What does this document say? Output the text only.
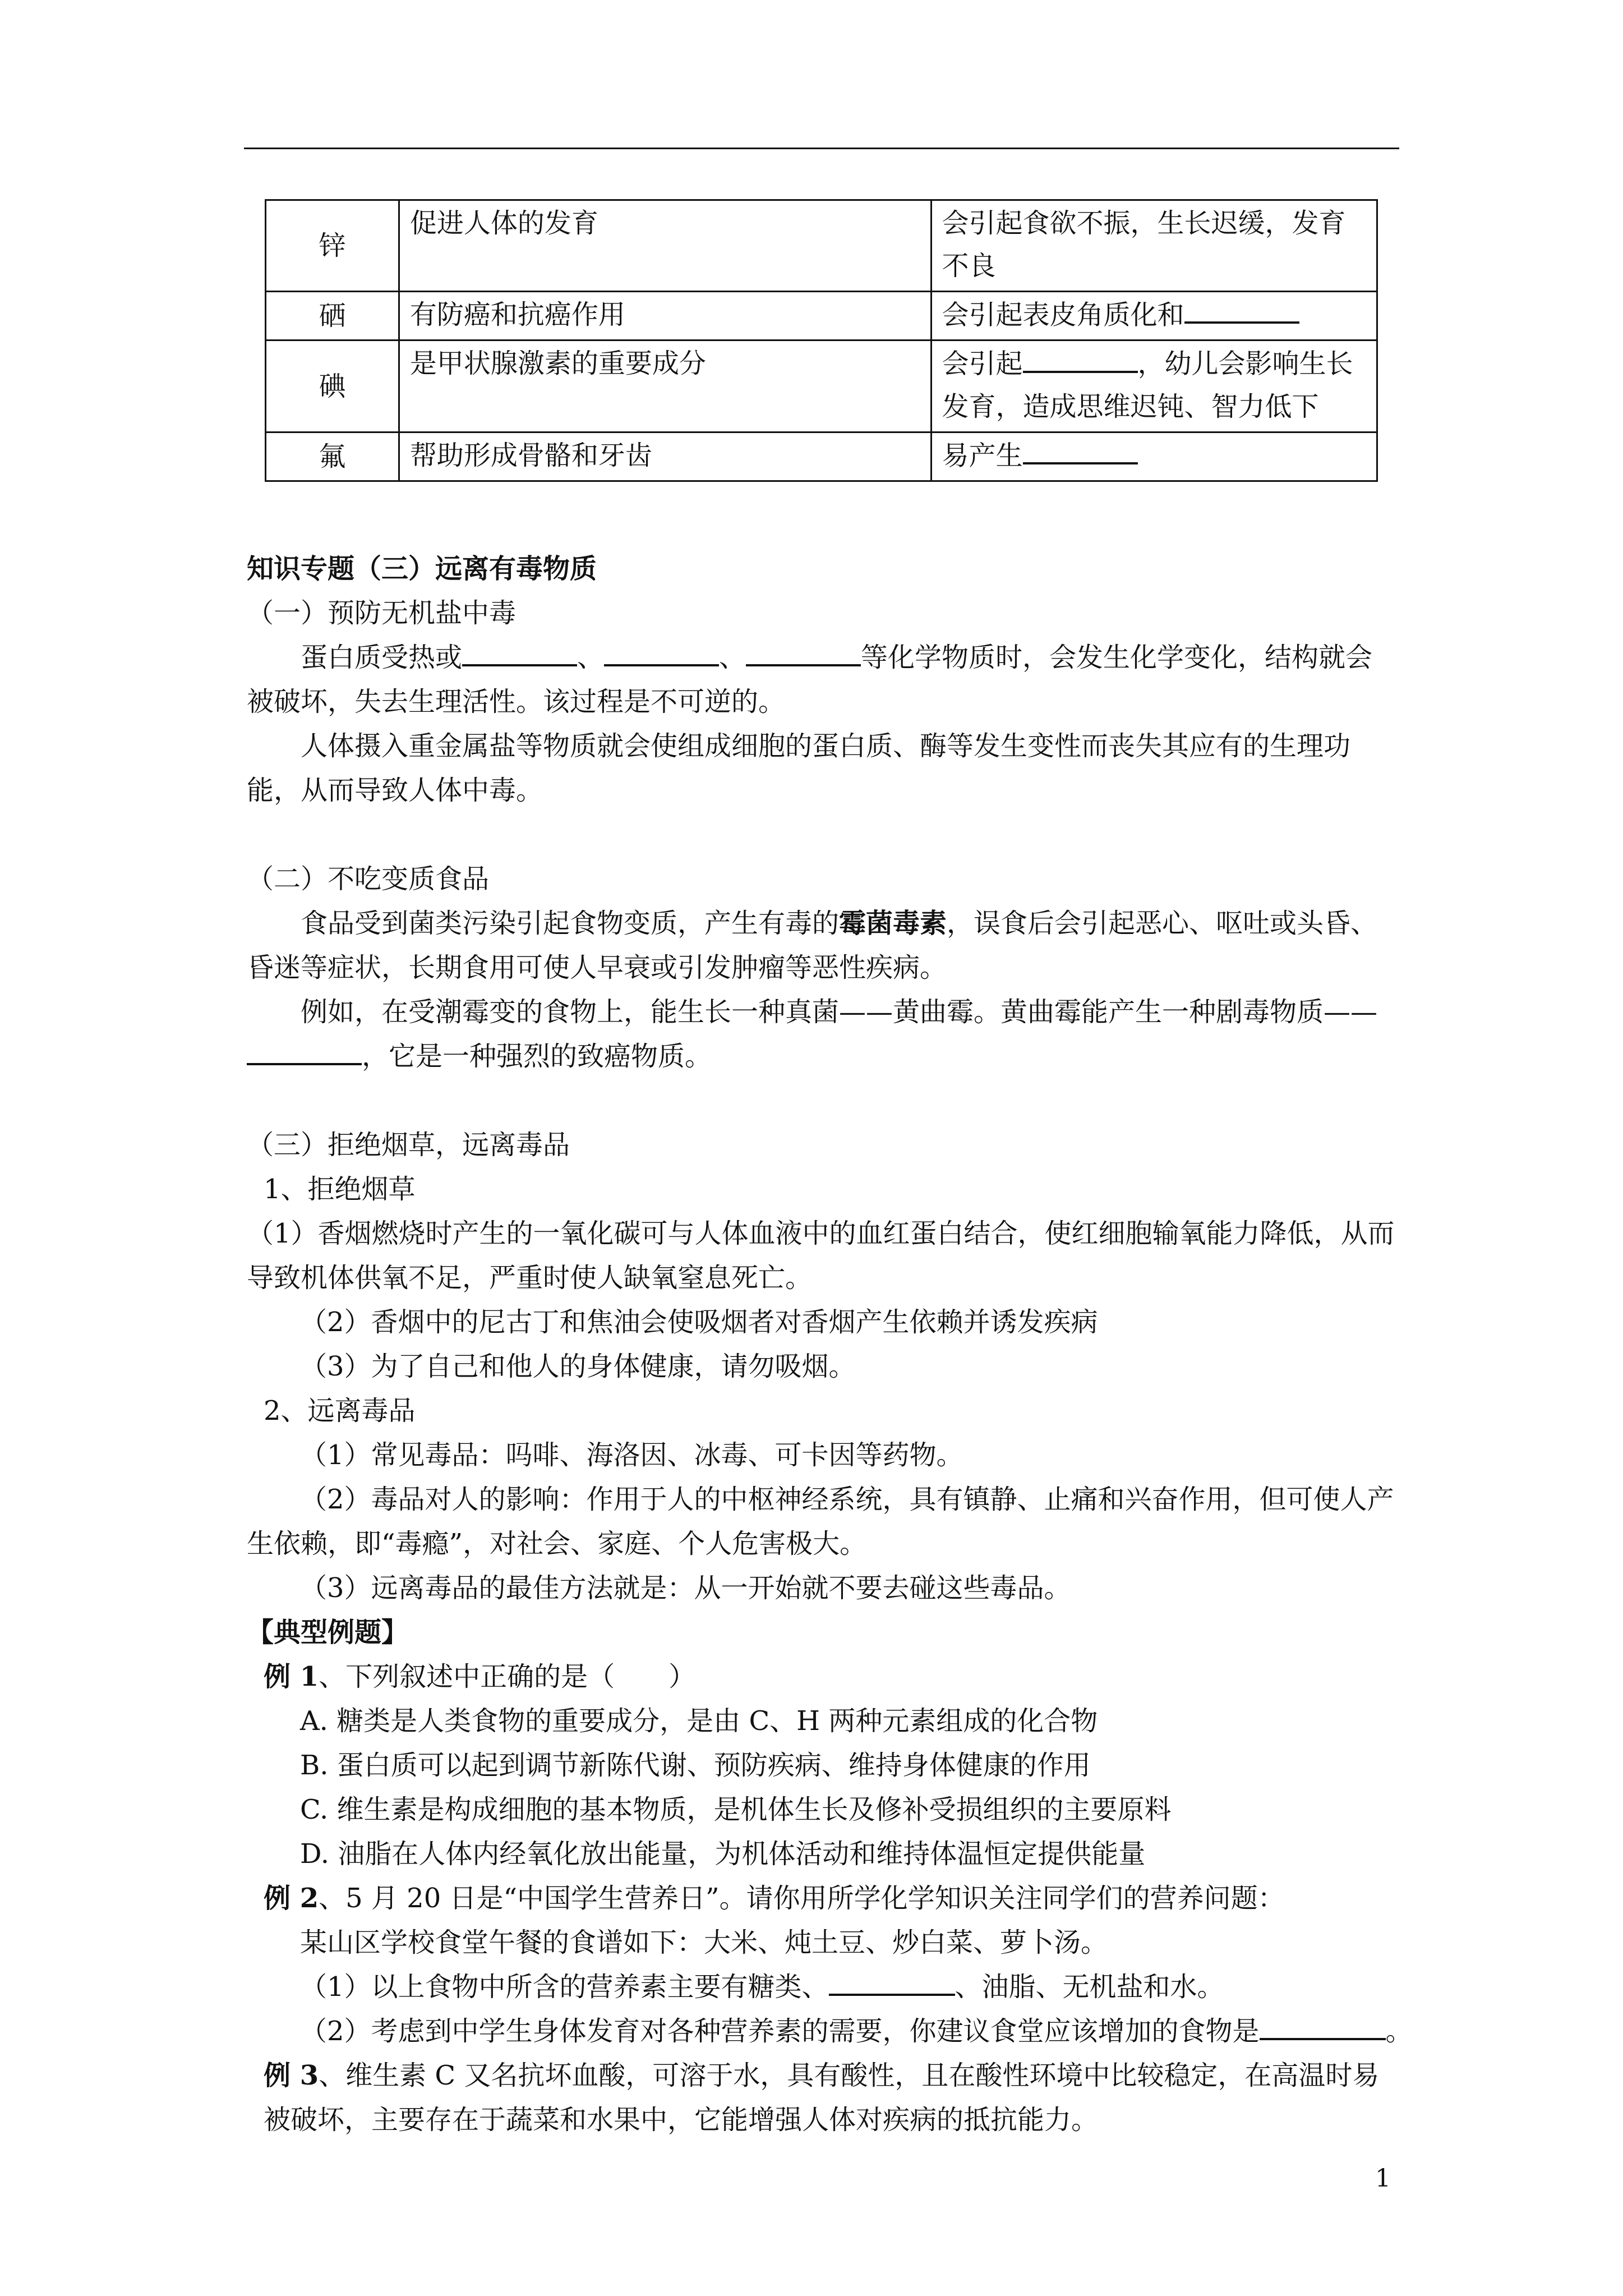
锌	促进人体的发育	会引起食欲不振，生长迟缓，发育不良
硒	有防癌和抗癌作用	会引起表皮角质化和
碘	是甲状腺激素的重要成分	会引起 ，幼儿会影响生长发育，造成思维迟钝、智力低下
氟	帮助形成骨骼和牙齿	易产生

知识专题（三）远离有毒物质

（一）预防无机盐中毒

蛋白质受热或	、	、	等化学物质时，会发生化学变化，结构就会被破坏，失去生理活性。该过程是不可逆的。

人体摄入重金属盐等物质就会使组成细胞的蛋白质、酶等发生变性而丧失其应有的生理功能，从而导致人体中毒。

（二）不吃变质食品

食品受到菌类污染引起食物变质，产生有毒的霉菌毒素，误食后会引起恶心、呕吐或头昏、昏迷等症状，长期食用可使人早衰或引发肿瘤等恶性疾病。

例如，在受潮霉变的食物上，能生长一种真菌——黄曲霉。黄曲霉能产生一种剧毒物质——，它是一种强烈的致癌物质。

（三）拒绝烟草，远离毒品

1、拒绝烟草

（1）香烟燃烧时产生的一氧化碳可与人体血液中的血红蛋白结合，使红细胞输氧能力降低，从而导致机体供氧不足，严重时使人缺氧窒息死亡。

（2）香烟中的尼古丁和焦油会使吸烟者对香烟产生依赖并诱发疾病

（3）为了自己和他人的身体健康，请勿吸烟。

2、远离毒品

（1）常见毒品：吗啡、海洛因、冰毒、可卡因等药物。

（2）毒品对人的影响：作用于人的中枢神经系统，具有镇静、止痛和兴奋作用，但可使人产生依赖，即“毒瘾”，对社会、家庭、个人危害极大。

（3）远离毒品的最佳方法就是：从一开始就不要去碰这些毒品。

【典型例题】

例 1、下列叙述中正确的是（　　）

A. 糖类是人类食物的重要成分，是由 C、H 两种元素组成的化合物

B. 蛋白质可以起到调节新陈代谢、预防疾病、维持身体健康的作用

C. 维生素是构成细胞的基本物质，是机体生长及修补受损组织的主要原料

D. 油脂在人体内经氧化放出能量，为机体活动和维持体温恒定提供能量

例 2、5 月 20 日是“中国学生营养日”。请你用所学化学知识关注同学们的营养问题：

某山区学校食堂午餐的食谱如下：大米、炖土豆、炒白菜、萝卜汤。

（1）以上食物中所含的营养素主要有糖类、	、油脂、无机盐和水。

（2）考虑到中学生身体发育对各种营养素的需要，你建议食堂应该增加的食物是	。

例 3、维生素 C 又名抗坏血酸，可溶于水，具有酸性，且在酸性环境中比较稳定，在高温时易被破坏，主要存在于蔬菜和水果中，它能增强人体对疾病的抵抗能力。

1
